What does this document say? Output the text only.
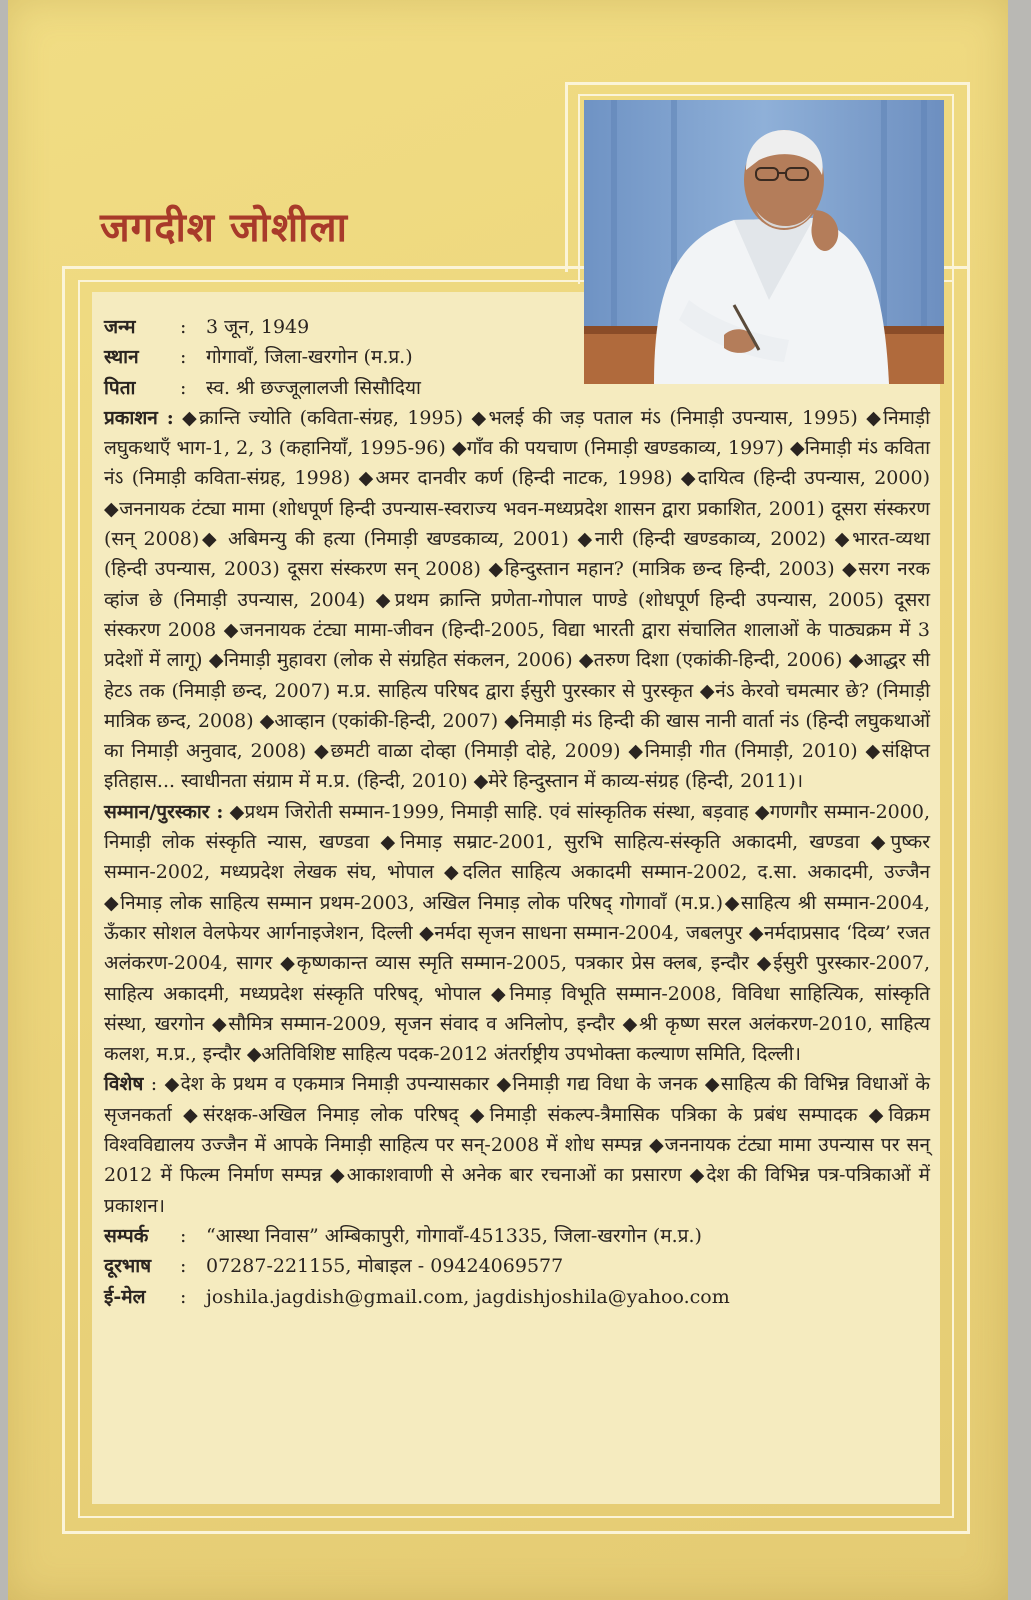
जगदीश जोशीला
जन्म	:	3 जून, 1949
स्थान	:	गोगावाँ, जिला-खरगोन (म.प्र.)
पिता	:	स्व. श्री छज्जूलालजी सिसौदिया

प्रकाशन : ◆क्रान्ति ज्योति (कविता-संग्रह, 1995) ◆भलई की जड़ पताल मंऽ (निमाड़ी उपन्यास, 1995) ◆निमाड़ी लघुकथाएँ भाग-1, 2, 3 (कहानियाँ, 1995-96) ◆गाँव की पयचाण (निमाड़ी खण्डकाव्य, 1997) ◆निमाड़ी मंऽ कविता नंऽ (निमाड़ी कविता-संग्रह, 1998) ◆अमर दानवीर कर्ण (हिन्दी नाटक, 1998) ◆दायित्व (हिन्दी उपन्यास, 2000) ◆जननायक टंट्या मामा (शोधपूर्ण हिन्दी उपन्यास-स्वराज्य भवन-मध्यप्रदेश शासन द्वारा प्रकाशित, 2001) दूसरा संस्करण (सन् 2008)◆ अबिमन्यु की हत्या (निमाड़ी खण्डकाव्य, 2001) ◆नारी (हिन्दी खण्डकाव्य, 2002) ◆भारत-व्यथा (हिन्दी उपन्यास, 2003) दूसरा संस्करण सन् 2008) ◆हिन्दुस्तान महान? (मात्रिक छन्द हिन्दी, 2003) ◆सरग नरक व्हांज छे (निमाड़ी उपन्यास, 2004) ◆प्रथम क्रान्ति प्रणेता-गोपाल पाण्डे (शोधपूर्ण हिन्दी उपन्यास, 2005) दूसरा संस्करण 2008 ◆जननायक टंट्या मामा-जीवन (हिन्दी-2005, विद्या भारती द्वारा संचालित शालाओं के पाठ्यक्रम में 3 प्रदेशों में लागू) ◆निमाड़ी मुहावरा (लोक से संग्रहित संकलन, 2006) ◆तरुण दिशा (एकांकी-हिन्दी, 2006) ◆आद्धर सी हेटऽ तक (निमाड़ी छन्द, 2007) म.प्र. साहित्य परिषद द्वारा ईसुरी पुरस्कार से पुरस्कृत ◆नंऽ केरवो चमत्मार छे? (निमाड़ी मात्रिक छन्द, 2008) ◆आव्हान (एकांकी-हिन्दी, 2007) ◆निमाड़ी मंऽ हिन्दी की खास नानी वार्ता नंऽ (हिन्दी लघुकथाओं का निमाड़ी अनुवाद, 2008) ◆छमटी वाळा दोव्हा (निमाड़ी दोहे, 2009) ◆निमाड़ी गीत (निमाड़ी, 2010) ◆संक्षिप्त इतिहास... स्वाधीनता संग्राम में म.प्र. (हिन्दी, 2010) ◆मेरे हिन्दुस्तान में काव्य-संग्रह (हिन्दी, 2011)।

सम्मान/पुरस्कार : ◆प्रथम जिरोती सम्मान-1999, निमाड़ी साहि. एवं सांस्कृतिक संस्था, बड़वाह ◆गणगौर सम्मान-2000, निमाड़ी लोक संस्कृति न्यास, खण्डवा ◆निमाड़ सम्राट-2001, सुरभि साहित्य-संस्कृति अकादमी, खण्डवा ◆पुष्कर सम्मान-2002, मध्यप्रदेश लेखक संघ, भोपाल ◆दलित साहित्य अकादमी सम्मान-2002, द.सा. अकादमी, उज्जैन ◆निमाड़ लोक साहित्य सम्मान प्रथम-2003, अखिल निमाड़ लोक परिषद् गोगावाँ (म.प्र.)◆साहित्य श्री सम्मान-2004, ऊँकार सोशल वेलफेयर आर्गनाइजेशन, दिल्ली ◆नर्मदा सृजन साधना सम्मान-2004, जबलपुर ◆नर्मदाप्रसाद ‘दिव्य’ रजत अलंकरण-2004, सागर ◆कृष्णकान्त व्यास स्मृति सम्मान-2005, पत्रकार प्रेस क्लब, इन्दौर ◆ईसुरी पुरस्कार-2007, साहित्य अकादमी, मध्यप्रदेश संस्कृति परिषद्, भोपाल ◆निमाड़ विभूति सम्मान-2008, विविधा साहित्यिक, सांस्कृति संस्था, खरगोन ◆सौमित्र सम्मान-2009, सृजन संवाद व अनिलोप, इन्दौर ◆श्री कृष्ण सरल अलंकरण-2010, साहित्य कलश, म.प्र., इन्दौर ◆अतिविशिष्ट साहित्य पदक-2012 अंतर्राष्ट्रीय उपभोक्ता कल्याण समिति, दिल्ली।

विशेष : ◆देश के प्रथम व एकमात्र निमाड़ी उपन्यासकार ◆निमाड़ी गद्य विधा के जनक ◆साहित्य की विभिन्न विधाओं के सृजनकर्ता ◆संरक्षक-अखिल निमाड़ लोक परिषद् ◆निमाड़ी संकल्प-त्रैमासिक पत्रिका के प्रबंध सम्पादक ◆विक्रम विश्वविद्यालय उज्जैन में आपके निमाड़ी साहित्य पर सन्-2008 में शोध सम्पन्न ◆जननायक टंट्या मामा उपन्यास पर सन् 2012 में फिल्म निर्माण सम्पन्न ◆आकाशवाणी से अनेक बार रचनाओं का प्रसारण ◆देश की विभिन्न पत्र-पत्रिकाओं में प्रकाशन।

सम्पर्क	:	“आस्था निवास” अम्बिकापुरी, गोगावाँ-451335, जिला-खरगोन (म.प्र.)
दूरभाष	:	07287-221155, मोबाइल - 09424069577
ई-मेल	:	joshila.jagdish@gmail.com, jagdishjoshila@yahoo.com
